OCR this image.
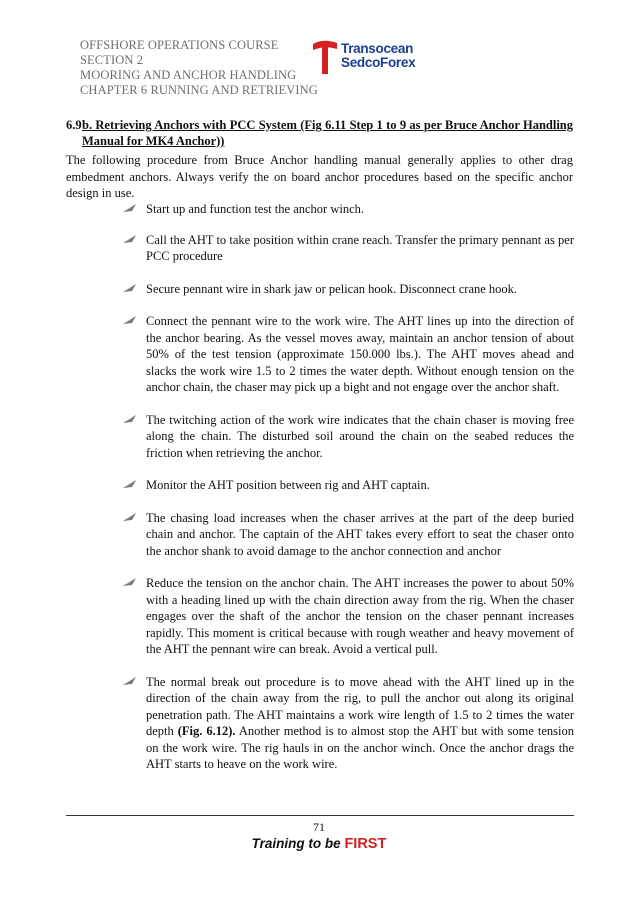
OFFSHORE OPERATIONS COURSE
SECTION 2
MOORING AND ANCHOR HANDLING
CHAPTER 6 RUNNING AND RETRIEVING
Transocean
SedcoForex
6.9 b. Retrieving Anchors with PCC System (Fig 6.11 Step 1 to 9 as per Bruce Anchor Handling Manual for MK4 Anchor))
The following procedure from Bruce Anchor handling manual generally applies to other drag embedment anchors. Always verify the on board anchor procedures based on the specific anchor design in use.
Start up and function test the anchor winch.
Call the AHT to take position within crane reach. Transfer the primary pennant as per PCC procedure
Secure pennant wire in shark jaw or pelican hook. Disconnect crane hook.
Connect the pennant wire to the work wire. The AHT lines up into the direction of the anchor bearing. As the vessel moves away, maintain an anchor tension of about 50% of the test tension (approximate 150.000 lbs.). The AHT moves ahead and slacks the work wire 1.5 to 2 times the water depth. Without enough tension on the anchor chain, the chaser may pick up a bight and not engage over the anchor shaft.
The twitching action of the work wire indicates that the chain chaser is moving free along the chain. The disturbed soil around the chain on the seabed reduces the friction when retrieving the anchor.
Monitor the AHT position between rig and AHT captain.
The chasing load increases when the chaser arrives at the part of the deep buried chain and anchor. The captain of the AHT takes every effort to seat the chaser onto the anchor shank to avoid damage to the anchor connection and anchor
Reduce the tension on the anchor chain. The AHT increases the power to about 50% with a heading lined up with the chain direction away from the rig. When the chaser engages over the shaft of the anchor the tension on the chaser pennant increases rapidly. This moment is critical because with rough weather and heavy movement of the AHT the pennant wire can break. Avoid a vertical pull.
The normal break out procedure is to move ahead with the AHT lined up in the direction of the chain away from the rig, to pull the anchor out along its original penetration path. The AHT maintains a work wire length of 1.5 to 2 times the water depth (Fig. 6.12). Another method is to almost stop the AHT but with some tension on the work wire. The rig hauls in on the anchor winch. Once the anchor drags the AHT starts to heave on the work wire.
71
Training to be FIRST
